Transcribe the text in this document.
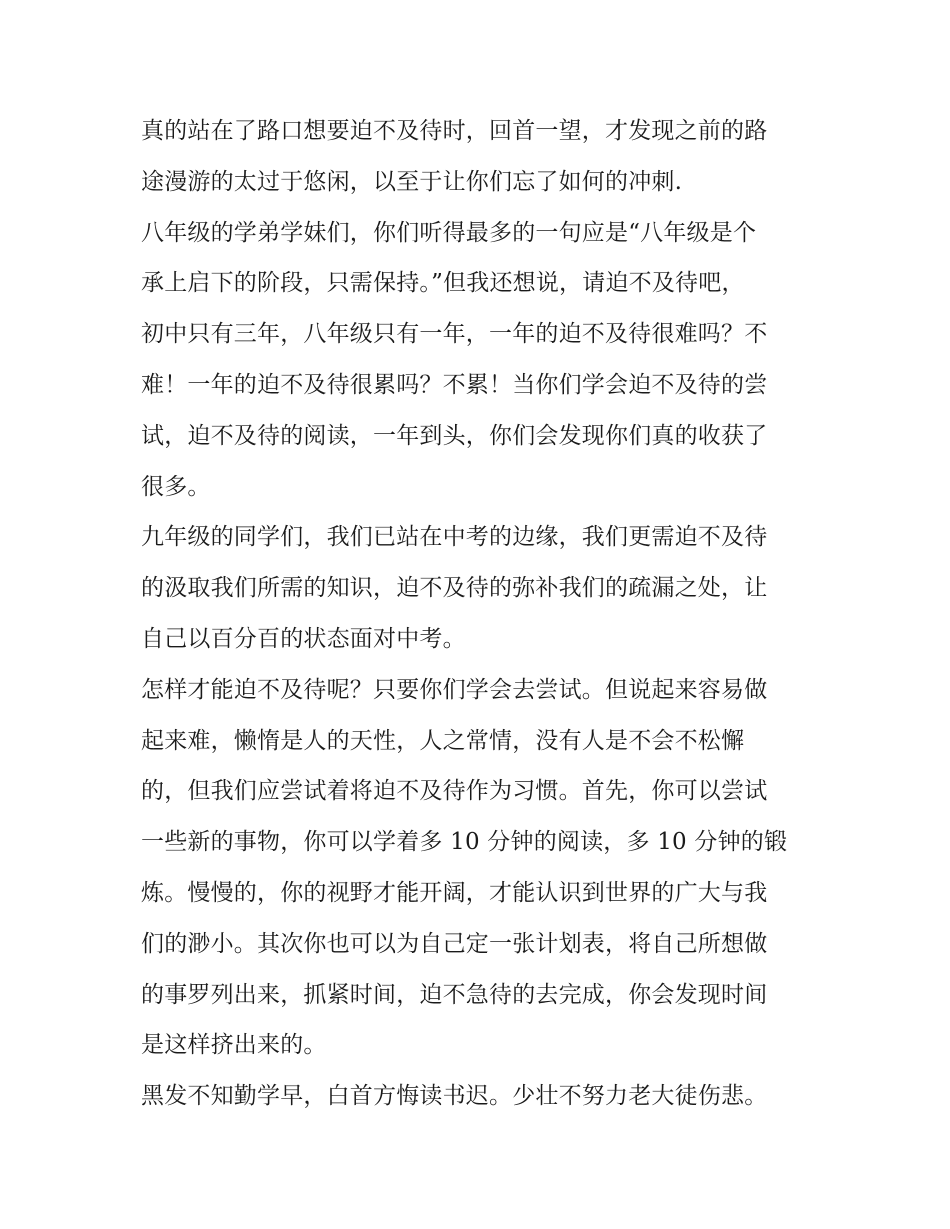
真的站在了路口想要迫不及待时，回首一望，才发现之前的路
途漫游的太过于悠闲，以至于让你们忘了如何的冲刺.
八年级的学弟学妹们，你们听得最多的一句应是“八年级是个
承上启下的阶段，只需保持。”但我还想说，请迫不及待吧，
初中只有三年，八年级只有一年，一年的迫不及待很难吗？不
难！一年的迫不及待很累吗？不累！当你们学会迫不及待的尝
试，迫不及待的阅读，一年到头，你们会发现你们真的收获了
很多。
九年级的同学们，我们已站在中考的边缘，我们更需迫不及待
的汲取我们所需的知识，迫不及待的弥补我们的疏漏之处，让
自己以百分百的状态面对中考。
怎样才能迫不及待呢？只要你们学会去尝试。但说起来容易做
起来难，懒惰是人的天性，人之常情，没有人是不会不松懈
的，但我们应尝试着将迫不及待作为习惯。首先，你可以尝试
一些新的事物，你可以学着多 10 分钟的阅读，多 10 分钟的锻
炼。慢慢的，你的视野才能开阔，才能认识到世界的广大与我
们的渺小。其次你也可以为自己定一张计划表，将自己所想做
的事罗列出来，抓紧时间，迫不急待的去完成，你会发现时间
是这样挤出来的。
黑发不知勤学早，白首方悔读书迟。少壮不努力老大徒伤悲。
